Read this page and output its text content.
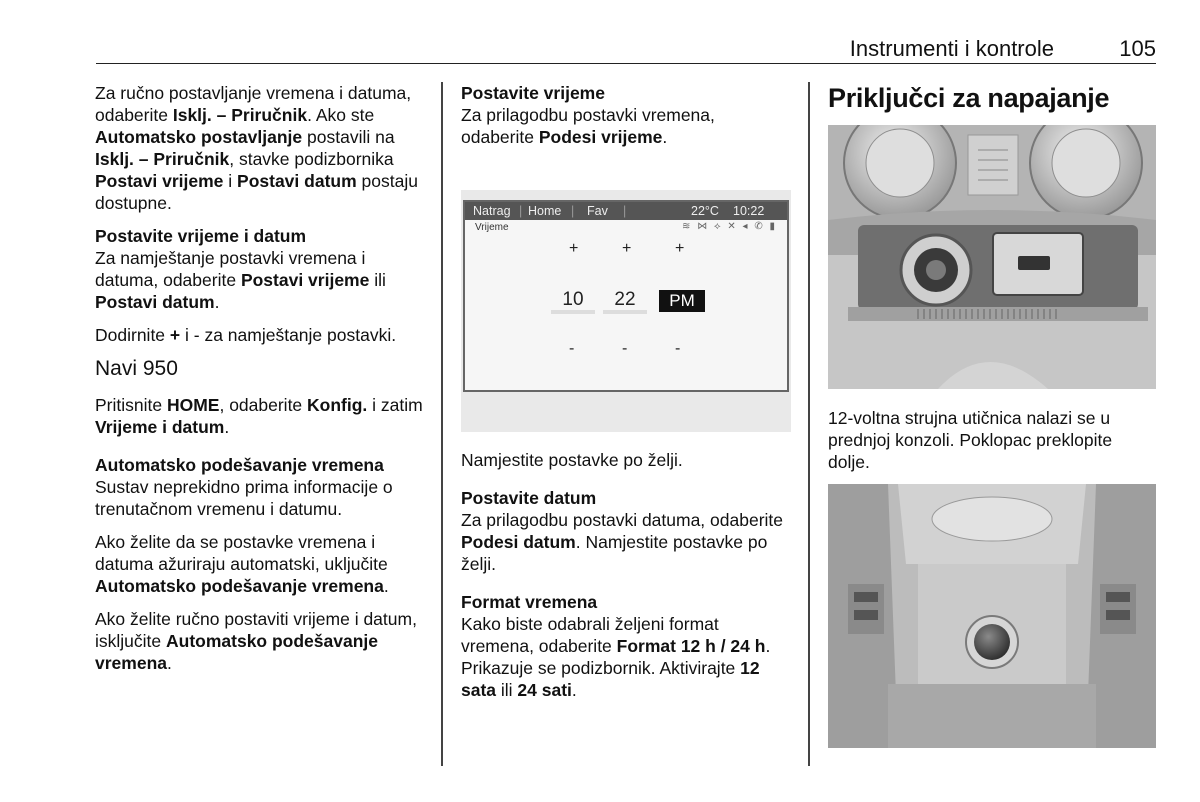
Instrumenti i kontrole	105

Za ručno postavljanje vremena i datuma, odaberite Isklj. – Priručnik. Ako ste Automatsko postavljanje postavili na Isklj. – Priručnik, stavke podizbornika Postavi vrijeme i Postavi datum postaju dostupne.

Postavite vrijeme i datum

Za namještanje postavki vremena i datuma, odaberite Postavi vrijeme ili Postavi datum.

Dodirnite + i - za namještanje postavki.

Navi 950

Pritisnite HOME, odaberite Konfig. i zatim Vrijeme i datum.

Automatsko podešavanje vremena

Sustav neprekidno prima informacije o trenutačnom vremenu i datumu.

Ako želite da se postavke vremena i datuma ažuriraju automatski, uključite Automatsko podešavanje vremena.

Ako želite ručno postaviti vrijeme i datum, isključite Automatsko podešavanje vremena.

Postavite vrijeme

Za prilagodbu postavki vremena, odaberite Podesi vrijeme.

Natrag | Home | Fav |	22°C 10:22
Vrijeme	≋ ⋈ ⟡ ✕ ◂ ✆ ▮
+	+	+
10	22	PM
-	-	-

Namjestite postavke po želji.

Postavite datum

Za prilagodbu postavki datuma, odaberite Podesi datum. Namjestite postavke po želji.

Format vremena

Kako biste odabrali željeni format vremena, odaberite Format 12 h / 24 h. Prikazuje se podizbornik. Aktivirajte 12 sata ili 24 sati.

Priključci za napajanje

12-voltna strujna utičnica nalazi se u prednjoj konzoli. Poklopac preklopite dolje.
